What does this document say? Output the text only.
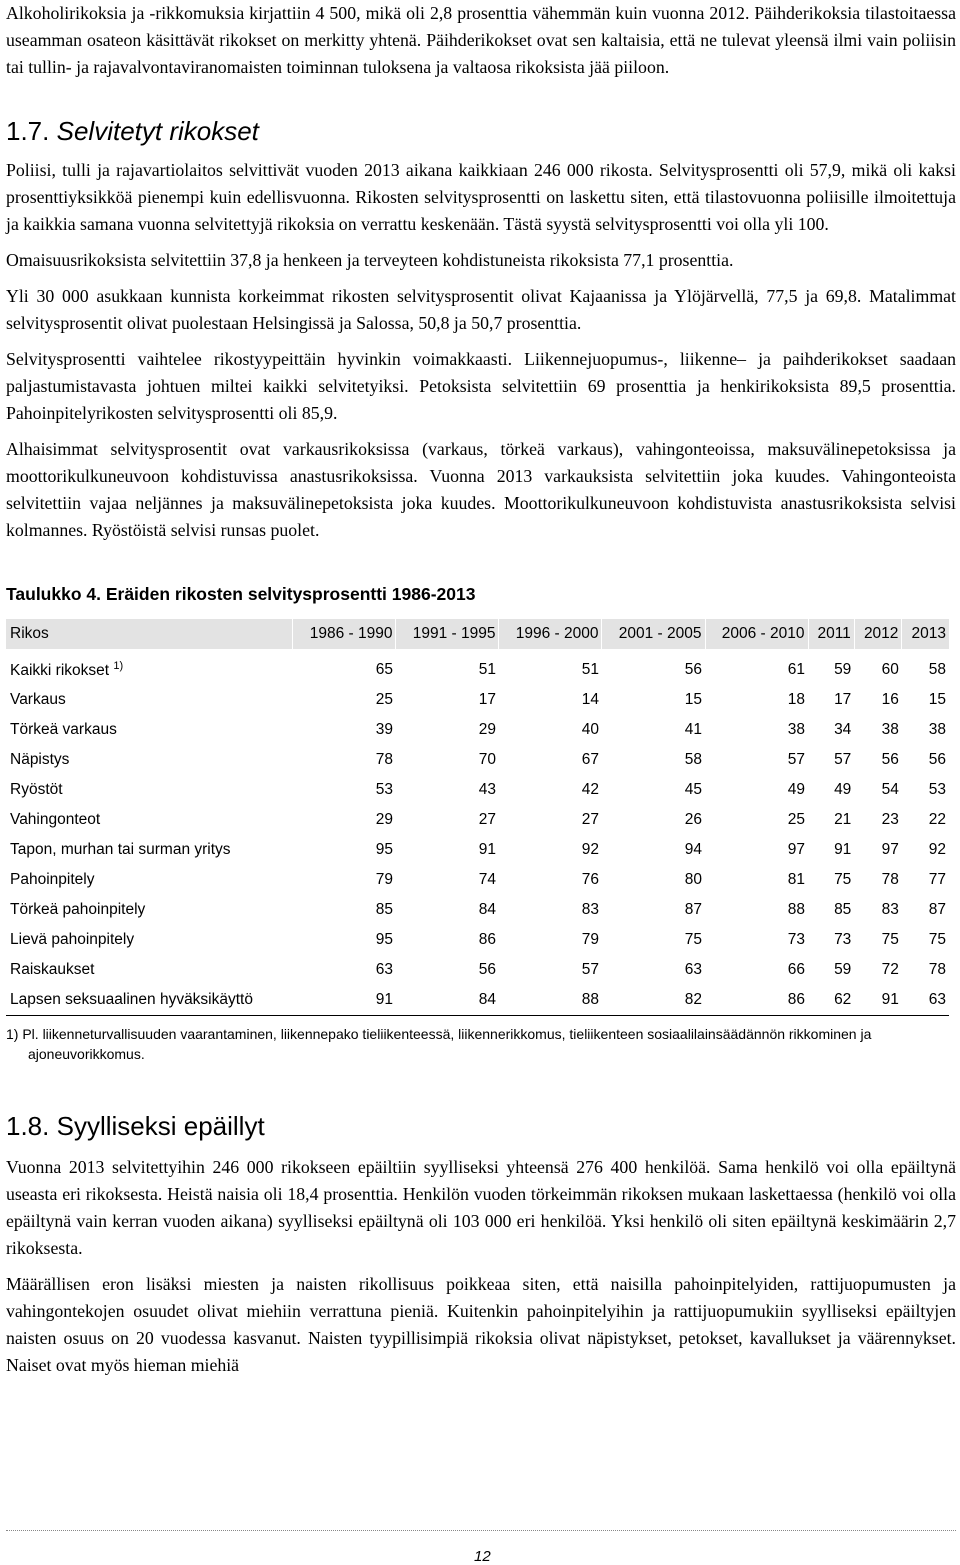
Alkoholirikoksia ja -rikkomuksia kirjattiin 4 500, mikä oli 2,8 prosenttia vähemmän kuin vuonna 2012. Päihderikoksia tilastoitaessa useamman osateon käsittävät rikokset on merkitty yhtenä. Päihderikokset ovat sen kaltaisia, että ne tulevat yleensä ilmi vain poliisin tai tullin- ja rajavalvontaviranomaisten toiminnan tuloksena ja valtaosa rikoksista jää piiloon.

1.7. Selvitetyt rikokset

Poliisi, tulli ja rajavartiolaitos selvittivät vuoden 2013 aikana kaikkiaan 246 000 rikosta. Selvitysprosentti oli 57,9, mikä oli kaksi prosenttiyksikköä pienempi kuin edellisvuonna. Rikosten selvitysprosentti on laskettu siten, että tilastovuonna poliisille ilmoitettuja ja kaikkia samana vuonna selvitettyjä rikoksia on verrattu keskenään. Tästä syystä selvitysprosentti voi olla yli 100.

Omaisuusrikoksista selvitettiin 37,8 ja henkeen ja terveyteen kohdistuneista rikoksista 77,1 prosenttia.

Yli 30 000 asukkaan kunnista korkeimmat rikosten selvitysprosentit olivat Kajaanissa ja Ylöjärvellä, 77,5 ja 69,8. Matalimmat selvitysprosentit olivat puolestaan Helsingissä ja Salossa, 50,8 ja 50,7 prosenttia.

Selvitysprosentti vaihtelee rikostyypeittäin hyvinkin voimakkaasti. Liikennejuopumus-, liikenne– ja paihderikokset saadaan paljastumistavasta johtuen miltei kaikki selvitetyiksi. Petoksista selvitettiin 69 prosenttia ja henkirikoksista 89,5 prosenttia. Pahoinpitelyrikosten selvitysprosentti oli 85,9.

Alhaisimmat selvitysprosentit ovat varkausrikoksissa (varkaus, törkeä varkaus), vahingonteoissa, maksuvälinepetoksissa ja moottorikulkuneuvoon kohdistuvissa anastusrikoksissa. Vuonna 2013 varkauksista selvitettiin joka kuudes. Vahingonteoista selvitettiin vajaa neljännes ja maksuvälinepetoksista joka kuudes. Moottorikulkuneuvoon kohdistuvista anastusrikoksista selvisi kolmannes. Ryöstöistä selvisi runsas puolet.

Taulukko 4. Eräiden rikosten selvitysprosentti 1986-2013

Rikos	1986 - 1990	1991 - 1995	1996 - 2000	2001 - 2005	2006 - 2010	2011	2012	2013
Kaikki rikokset $^{1)}$	65	51	51	56	61	59	60	58
Varkaus	25	17	14	15	18	17	16	15
Törkeä varkaus	39	29	40	41	38	34	38	38
Näpistys	78	70	67	58	57	57	56	56
Ryöstöt	53	43	42	45	49	49	54	53
Vahingonteot	29	27	27	26	25	21	23	22
Tapon, murhan tai surman yritys	95	91	92	94	97	91	97	92
Pahoinpitely	79	74	76	80	81	75	78	77
Törkeä pahoinpitely	85	84	83	87	88	85	83	87
Lievä pahoinpitely	95	86	79	75	73	73	75	75
Raiskaukset	63	56	57	63	66	59	72	78
Lapsen seksuaalinen hyväksikäyttö	91	84	88	82	86	62	91	63

1) Pl. liikenneturvallisuuden vaarantaminen, liikennepako tieliikenteessä, liikennerikkomus, tieliikenteen sosiaalilainsäädännön rikkominen ja ajoneuvorikkomus.

1.8. Syylliseksi epäillyt

Vuonna 2013 selvitettyihin 246 000 rikokseen epäiltiin syylliseksi yhteensä 276 400 henkilöä. Sama henkilö voi olla epäiltynä useasta eri rikoksesta. Heistä naisia oli 18,4 prosenttia. Henkilön vuoden törkeimmän rikoksen mukaan laskettaessa (henkilö voi olla epäiltynä vain kerran vuoden aikana) syylliseksi epäiltynä oli 103 000 eri henkilöä. Yksi henkilö oli siten epäiltynä keskimäärin 2,7 rikoksesta.

Määrällisen eron lisäksi miesten ja naisten rikollisuus poikkeaa siten, että naisilla pahoinpitelyiden, rattijuopumusten ja vahingontekojen osuudet olivat miehiin verrattuna pieniä. Kuitenkin pahoinpitelyihin ja rattijuopumukiin syylliseksi epäiltyjen naisten osuus on 20 vuodessa kasvanut. Naisten tyypillisimpiä rikoksia olivat näpistykset, petokset, kavallukset ja väärennykset. Naiset ovat myös hieman miehiä

12
